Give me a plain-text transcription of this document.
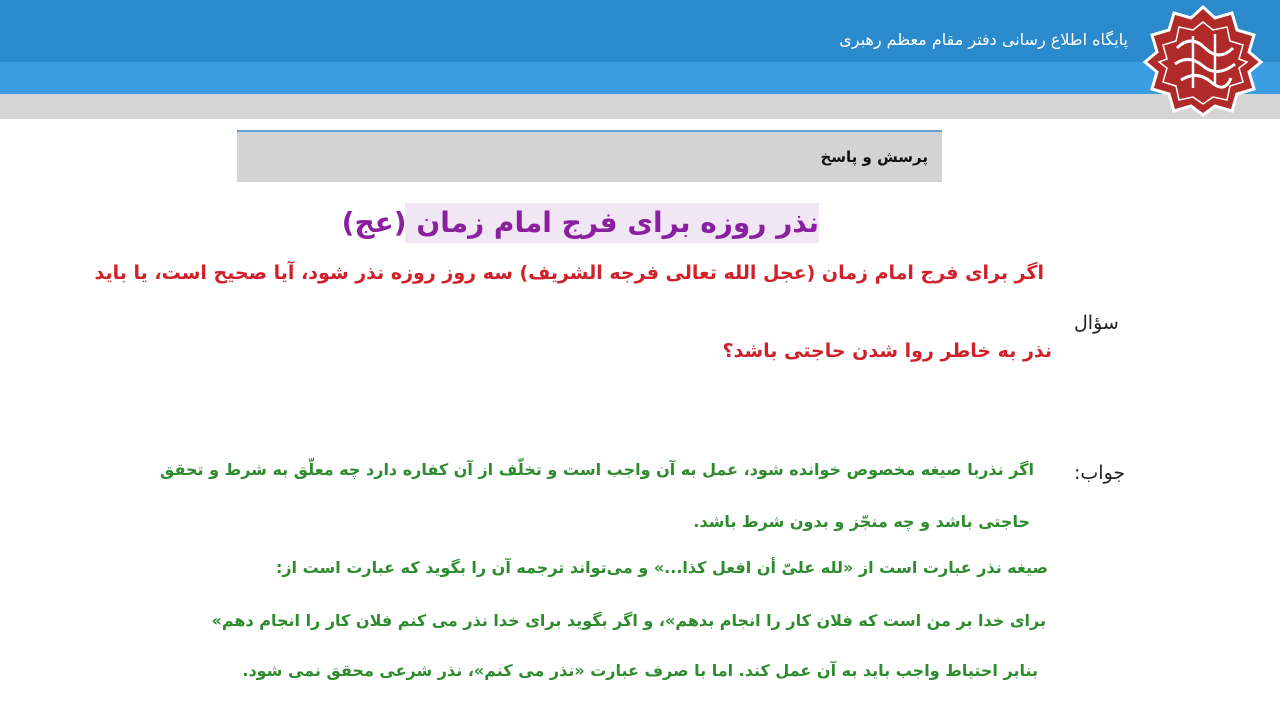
پایگاه اطلاع رسانی دفتر مقام معظم رهبری
پرسش و پاسخ
نذر روزه برای فرج امام زمان (عج)
سؤال
اگر برای فرج امام زمان (عجل الله تعالی فرجه الشریف) سه روز روزه نذر شود، آیا صحیح است، یا باید
نذر به خاطر روا شدن حاجتی باشد؟
جواب:
اگر نذربا صیغه مخصوص خوانده شود، عمل به آن واجب است و تخلّف از آن کفاره دارد چه معلّق به شرط و تحقق
حاجتی باشد و چه منجّز و بدون شرط باشد.
صیغه نذر عبارت است از «لله علیّ أن افعل کذا...» و می‌تواند ترجمه آن را بگوید که عبارت است از:
برای خدا بر من است که فلان کار را انجام بدهم»، و اگر بگوید برای خدا نذر می کنم فلان کار را انجام دهم»
بنابر احتیاط واجب باید به آن عمل کند. اما با صرف عبارت «نذر می کنم»، نذر شرعی محقق نمی شود.
